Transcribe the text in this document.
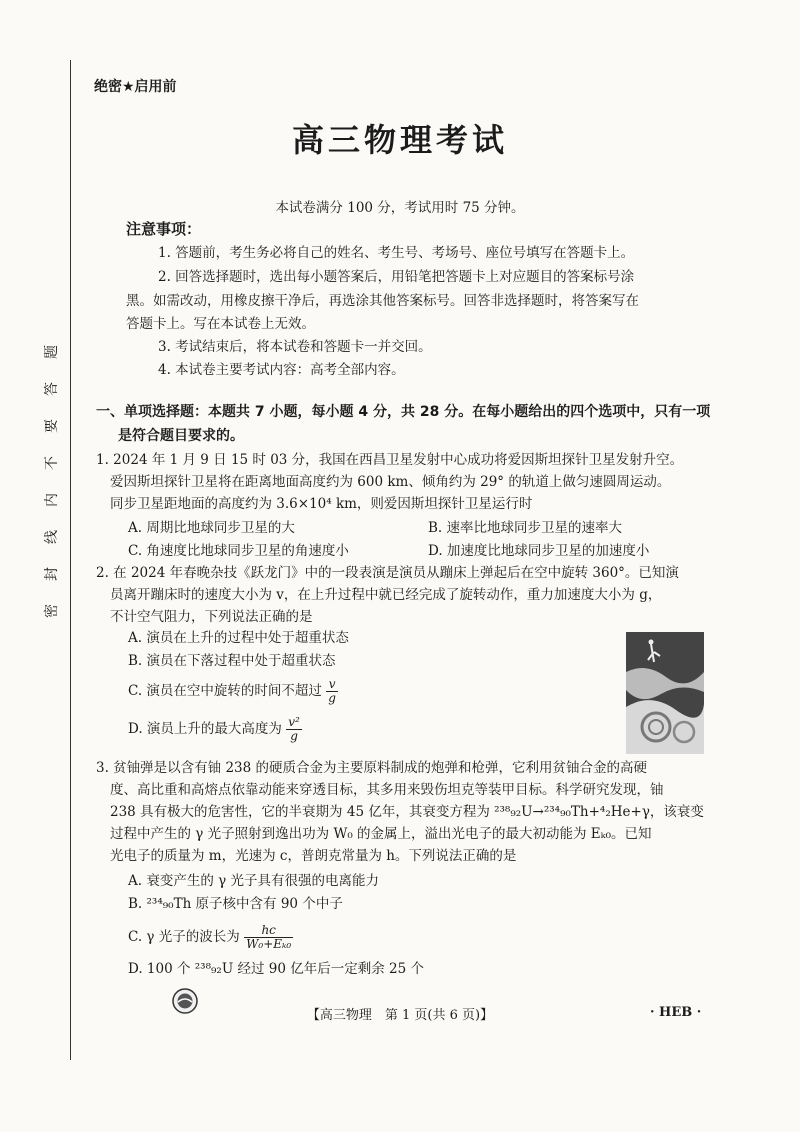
题
答
要
不
内
线
封
密
绝密★启用前
高三物理考试
本试卷满分 100 分，考试用时 75 分钟。
注意事项：
1. 答题前，考生务必将自己的姓名、考生号、考场号、座位号填写在答题卡上。
2. 回答选择题时，选出每小题答案后，用铅笔把答题卡上对应题目的答案标号涂
黑。如需改动，用橡皮擦干净后，再选涂其他答案标号。回答非选择题时，将答案写在
答题卡上。写在本试卷上无效。
3. 考试结束后，将本试卷和答题卡一并交回。
4. 本试卷主要考试内容：高考全部内容。
一、单项选择题：本题共 7 小题，每小题 4 分，共 28 分。在每小题给出的四个选项中，只有一项
是符合题目要求的。
1. 2024 年 1 月 9 日 15 时 03 分，我国在西昌卫星发射中心成功将爱因斯坦探针卫星发射升空。
爱因斯坦探针卫星将在距离地面高度约为 600 km、倾角约为 29° 的轨道上做匀速圆周运动。
同步卫星距地面的高度约为 3.6×10⁴ km，则爱因斯坦探针卫星运行时
A. 周期比地球同步卫星的大	B. 速率比地球同步卫星的速率大
C. 角速度比地球同步卫星的角速度小	D. 加速度比地球同步卫星的加速度小
2. 在 2024 年春晚杂技《跃龙门》中的一段表演是演员从蹦床上弹起后在空中旋转 360°。已知演
员离开蹦床时的速度大小为 v，在上升过程中就已经完成了旋转动作，重力加速度大小为 g，
不计空气阻力，下列说法正确的是
A. 演员在上升的过程中处于超重状态
B. 演员在下落过程中处于超重状态
C. 演员在空中旋转的时间不超过 $\frac{v}{g}$
D. 演员上升的最大高度为 $\frac{\text{v²}}{g}$
3. 贫铀弹是以含有铀 238 的硬质合金为主要原料制成的炮弹和枪弹，它利用贫铀合金的高硬
度、高比重和高熔点依靠动能来穿透目标，其多用来毁伤坦克等装甲目标。科学研究发现，铀
238 具有极大的危害性，它的半衰期为 45 亿年，其衰变方程为 ²³⁸₉₂U→²³⁴₉₀Th+⁴₂He+γ，该衰变
过程中产生的 γ 光子照射到逸出功为 W₀ 的金属上，溢出光电子的最大初动能为 Eₖ₀。已知
光电子的质量为 m，光速为 c，普朗克常量为 h。下列说法正确的是
A. 衰变产生的 γ 光子具有很强的电离能力
B. ²³⁴₉₀Th 原子核中含有 90 个中子
C. γ 光子的波长为 $\frac{hc}{\text{W₀+Eₖ₀}}$
D. 100 个 ²³⁸₉₂U 经过 90 亿年后一定剩余 25 个
【高三物理　第 1 页(共 6 页)】	· HEB ·
